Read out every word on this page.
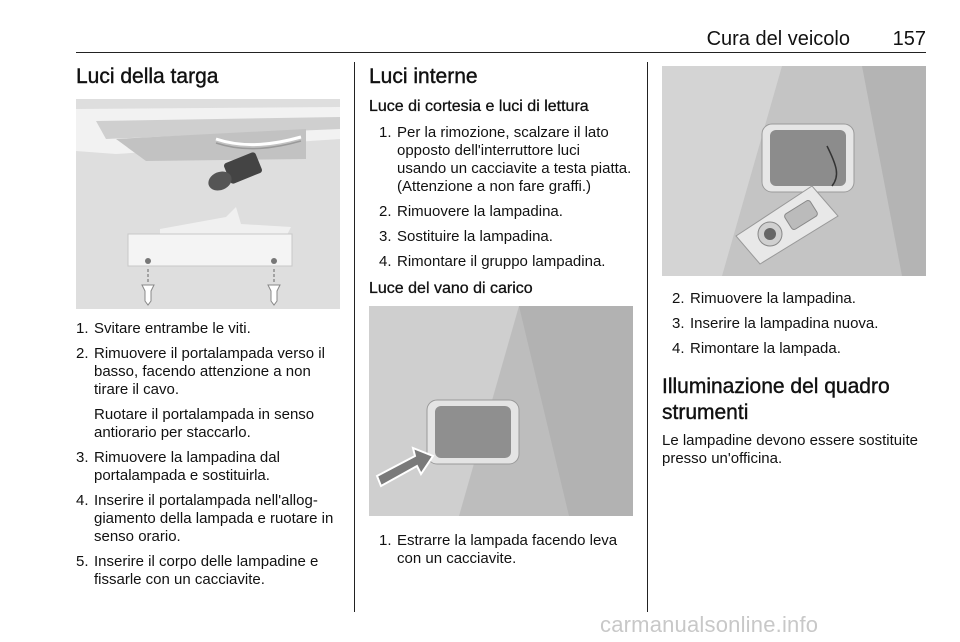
Cura del veicolo 157
Luci della targa
1. Svitare entrambe le viti.
2. Rimuovere il portalampada verso il basso, facendo attenzione a non tirare il cavo.
Ruotare il portalampada in senso antiorario per staccarlo.
3. Rimuovere la lampadina dal portalampada e sostituirla.
4. Inserire il portalampada nell'alloggiamento della lampada e ruotare in senso orario.
5. Inserire il corpo delle lampadine e fissarle con un cacciavite.
Luci interne
Luce di cortesia e luci di lettura
1. Per la rimozione, scalzare il lato opposto dell'interruttore luci usando un cacciavite a testa piatta. (Attenzione a non fare graffi.)
2. Rimuovere la lampadina.
3. Sostituire la lampadina.
4. Rimontare il gruppo lampadina.
Luce del vano di carico
1. Estrarre la lampada facendo leva con un cacciavite.
2. Rimuovere la lampadina.
3. Inserire la lampadina nuova.
4. Rimontare la lampada.
Illuminazione del quadro strumenti

Le lampadine devono essere sostituite presso un'officina.

carmanualsonline.info
